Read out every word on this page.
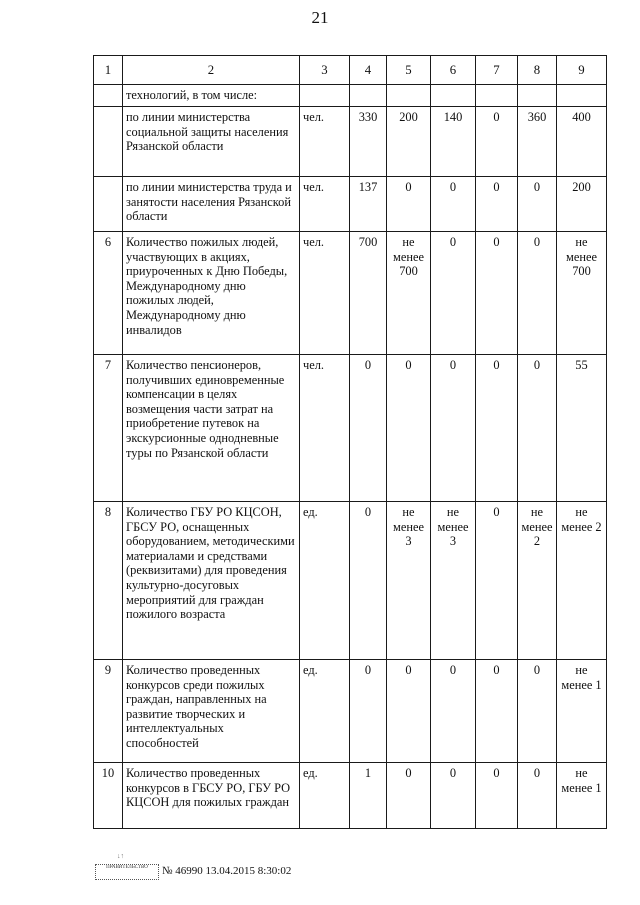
21
1	2	3	4	5	6	7	8	9
	технологий, в том числе:							
	по линии министерства социальной защиты населения Рязанской области	чел.	330	200	140	0	360	400
	по линии министерства труда и занятости населения Рязанской области	чел.	137	0	0	0	0	200
6	Количество пожилых людей, участвующих в акциях, приуроченных к Дню Победы, Международному дню пожилых людей, Международному дню инвалидов	чел.	700	не менее 700	0	0	0	не менее 700
7	Количество пенсионеров, получивших единовременные компенсации в целях возмещения части затрат на приобретение путевок на экскурсионные однодневные туры по Рязанской области	чел.	0	0	0	0	0	55
8	Количество ГБУ РО КЦСОН, ГБСУ РО, оснащенных оборудованием, методическими материалами и средствами (реквизитами) для проведения культурно-досуговых мероприятий для граждан пожилого возраста	ед.	0	не менее 3	не менее 3	0	не менее 2	не менее 2
9	Количество проведенных конкурсов среди пожилых граждан, направленных на развитие творческих и интеллектуальных способностей	ед.	0	0	0	0	0	не менее 1
10	Количество проведенных конкурсов в ГБСУ РО, ГБУ РО КЦСОН для пожилых граждан	ед.	1	0	0	0	0	не менее 1
↓↑
ПРАВИТЕЛЬСТВО	№ 46990 13.04.2015 8:30:02
